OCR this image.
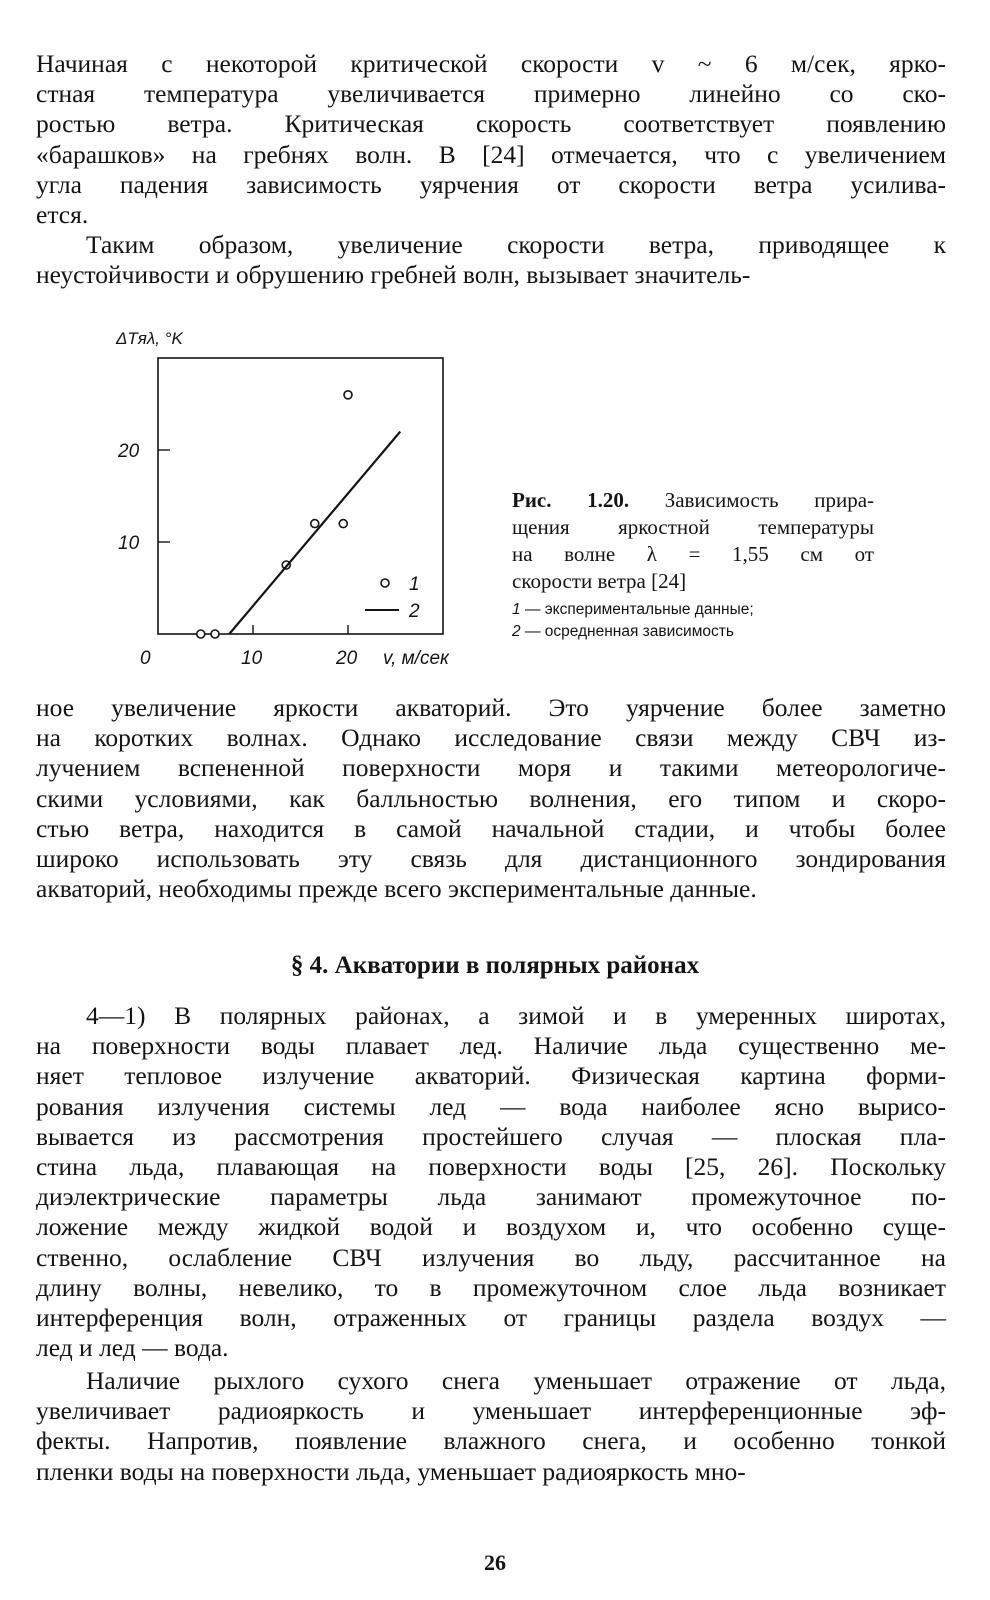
Начиная с некоторой критической скорости v ~ 6 м/сек, ярко-
стная температура увеличивается примерно линейно со ско-
ростью ветра. Критическая скорость соответствует появлению
«барашков» на гребнях волн. В [24] отмечается, что с увеличением
угла падения зависимость уярчения от скорости ветра усилива-
ется.
Таким образом, увеличение скорости ветра, приводящее к
неустойчивости и обрушению гребней волн, вызывает значитель-
ΔTяλ, °K
v, м/сек
0	10	20
20
10
1
2
Рис. 1.20. Зависимость прира-
щения яркостной температуры
на волне λ = 1,55 см от
скорости ветра [24]
1 — экспериментальные данные;
2 — осредненная зависимость
ное увеличение яркости акваторий. Это уярчение более заметно
на коротких волнах. Однако исследование связи между СВЧ из-
лучением вспененной поверхности моря и такими метеорологиче-
скими условиями, как балльностью волнения, его типом и скоро-
стью ветра, находится в самой начальной стадии, и чтобы более
широко использовать эту связь для дистанционного зондирования
акваторий, необходимы прежде всего экспериментальные данные.
§ 4. Акватории в полярных районах
4—1) В полярных районах, а зимой и в умеренных широтах,
на поверхности воды плавает лед. Наличие льда существенно ме-
няет тепловое излучение акваторий. Физическая картина форми-
рования излучения системы лед — вода наиболее ясно вырисо-
вывается из рассмотрения простейшего случая — плоская пла-
стина льда, плавающая на поверхности воды [25, 26]. Поскольку
диэлектрические параметры льда занимают промежуточное по-
ложение между жидкой водой и воздухом и, что особенно суще-
ственно, ослабление СВЧ излучения во льду, рассчитанное на
длину волны, невелико, то в промежуточном слое льда возникает
интерференция волн, отраженных от границы раздела воздух —
лед и лед — вода.
Наличие рыхлого сухого снега уменьшает отражение от льда,
увеличивает радиояркость и уменьшает интерференционные эф-
фекты. Напротив, появление влажного снега, и особенно тонкой
пленки воды на поверхности льда, уменьшает радиояркость мно-
26
